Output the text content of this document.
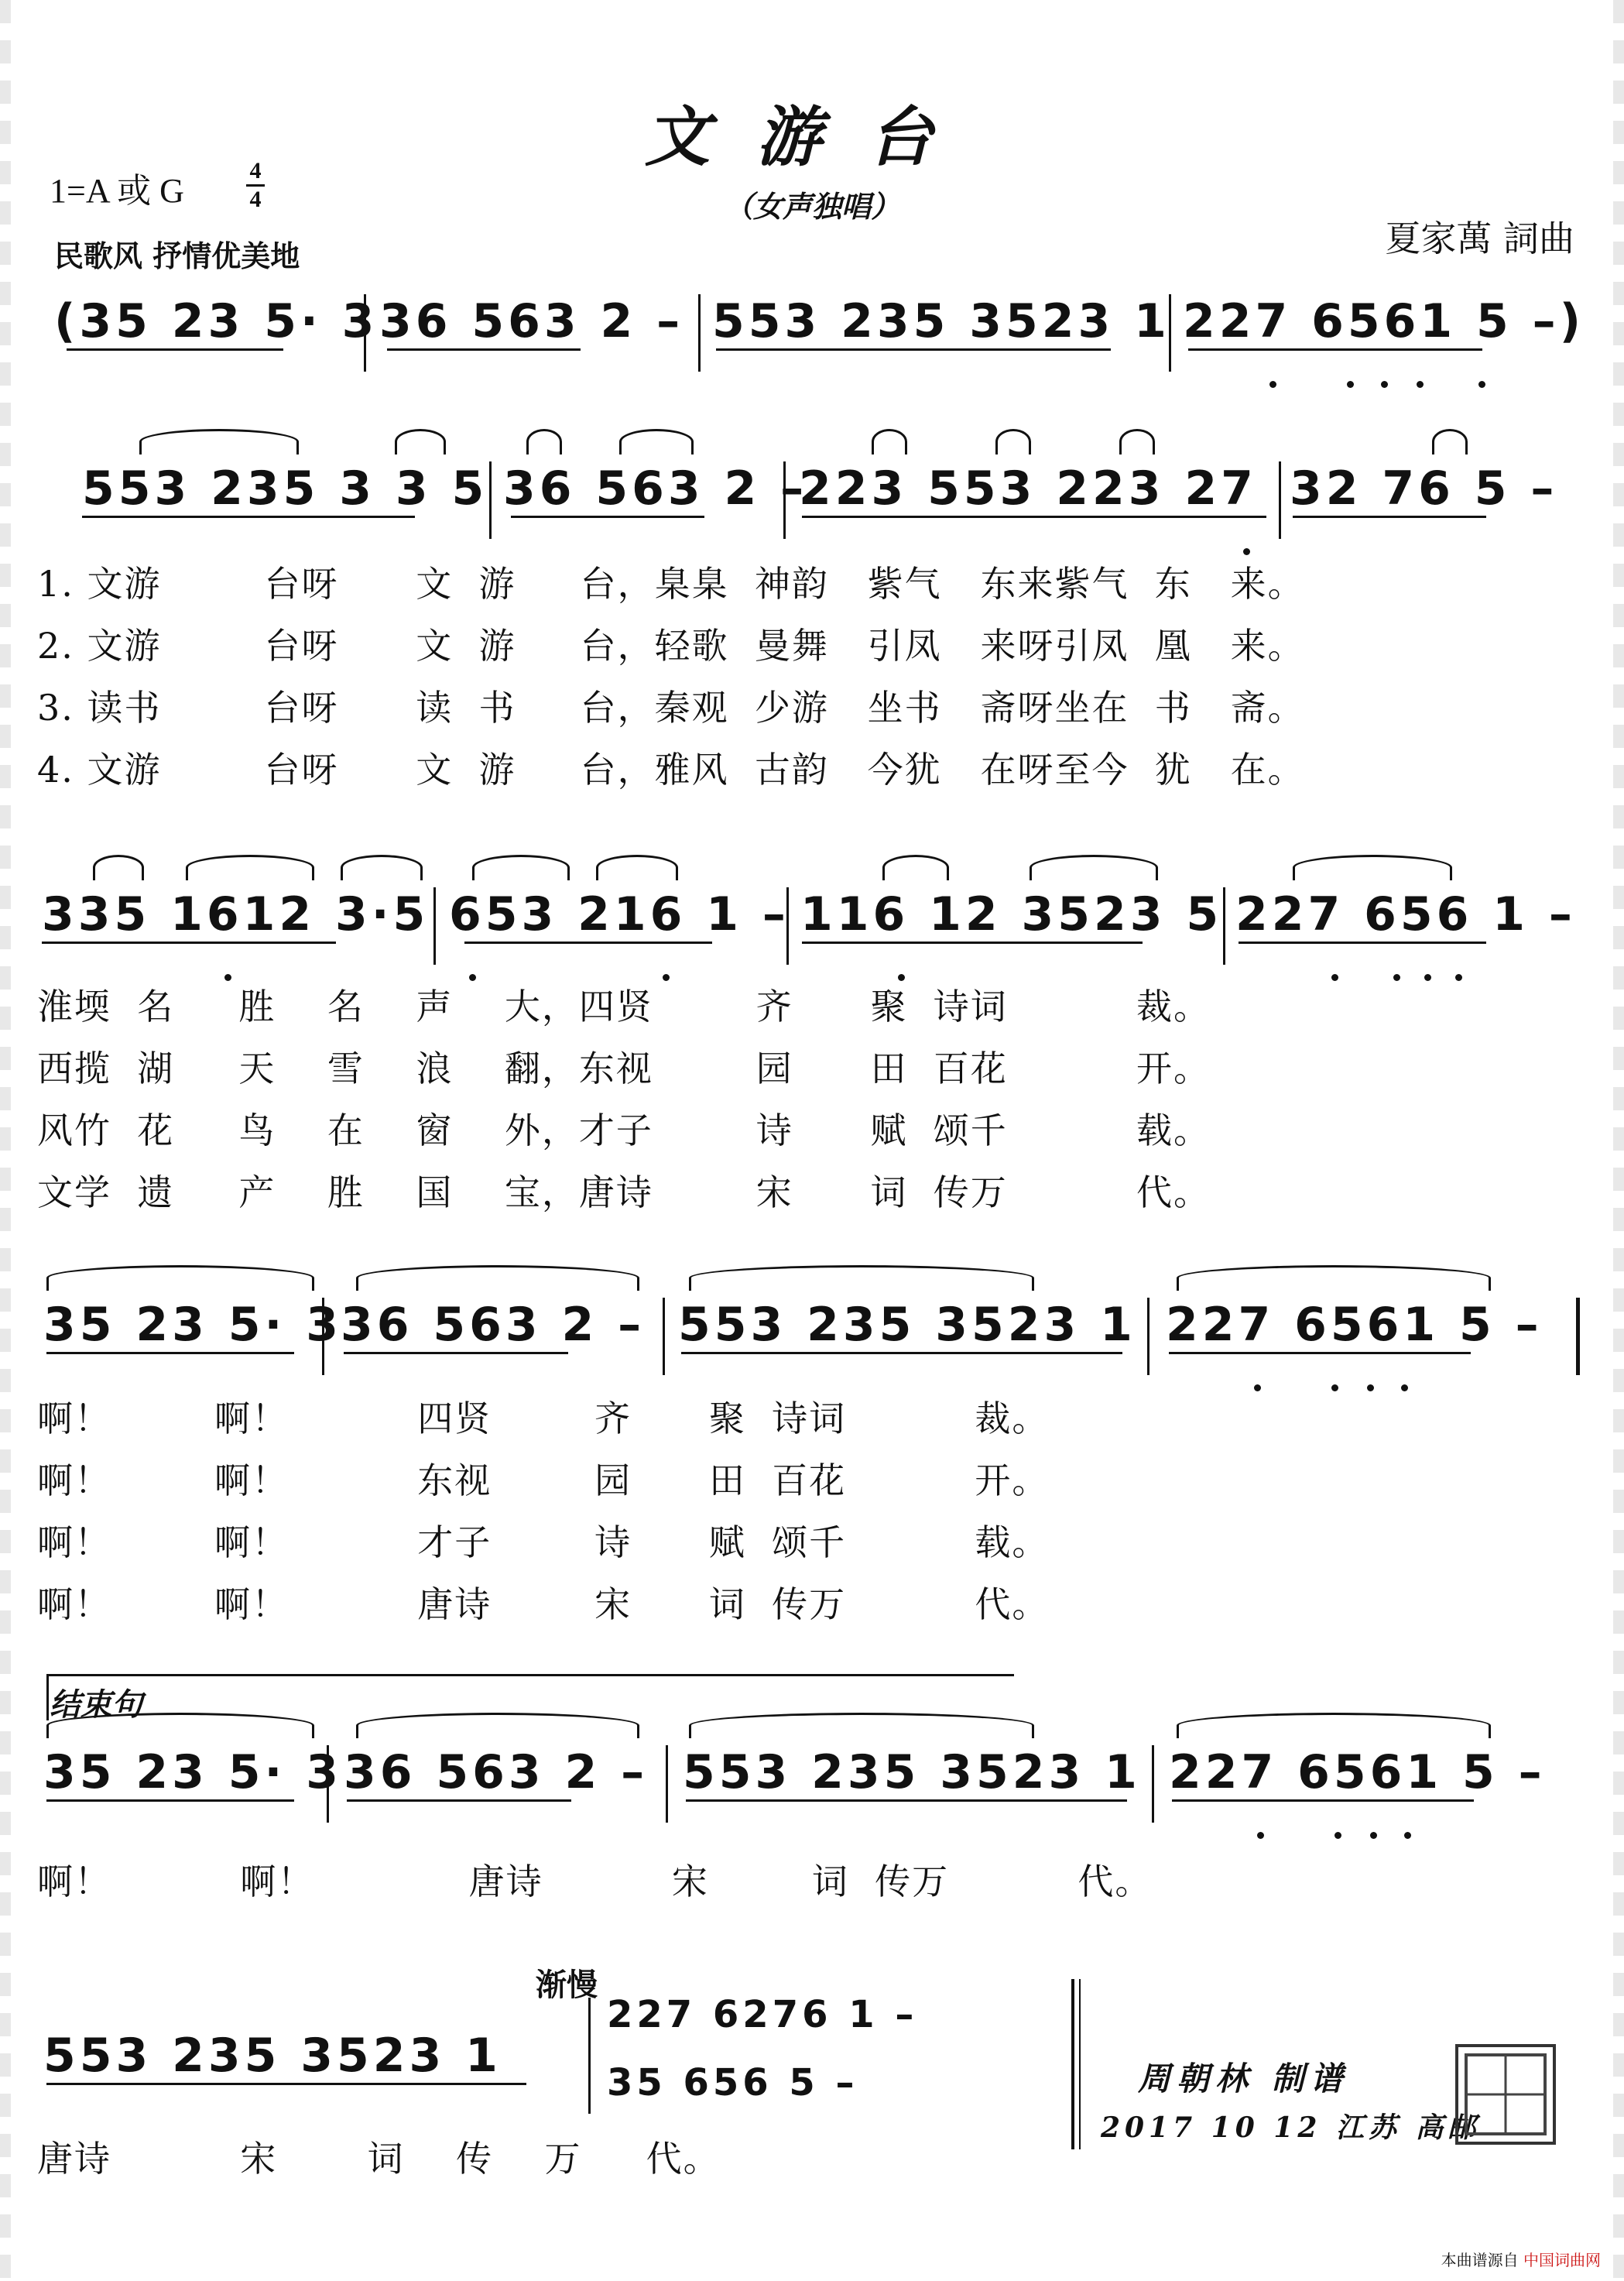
文游台
（女声独唱）
1=A 或 G
4
4
民歌风 抒情优美地	夏家萬 詞曲
(35 23 5· 3 36 563 2 – 553 235 3523 1 227 6561 5 –)
553 235 3 3 5 36 563 2 –
223 553 223 27 32 76 5 –
1. 文游        台呀      文  游     台，臬臬  神韵   紫气   东来紫气  东   来。
2. 文游        台呀      文  游     台，轻歌  曼舞   引凤   来呀引凤  凰   来。
3. 读书        台呀      读  书     台，秦观  少游   坐书   斋呀坐在  书   斋。
4. 文游        台呀      文  游     台，雅风  古韵   今犹   在呀至今  犹   在。
335 1612 3·5 653 216 1 – 116 12 3523 5 227 656 1 –
淮堧  名     胜    名    声    大，四贤        齐      聚  诗词          裁。
西揽  湖     天    雪    浪    翻，东视        园      田  百花          开。
风竹  花     鸟    在    窗    外，才子        诗      赋  颂千          载。
文学  遗     产    胜    国    宝，唐诗        宋      词  传万          代。
35 23 5· 3
36 563 2 – 553 235 3523 1 227 6561 5 –
啊！        啊！          四贤        齐      聚  诗词          裁。
啊！        啊！          东视        园      田  百花          开。
啊！        啊！          才子        诗      赋  颂千          载。
啊！        啊！          唐诗        宋      词  传万          代。
结束句
35 23 5· 3 36 563 2 – 553 235 3523 1 227 6561 5 –
啊！          啊！            唐诗          宋        词  传万          代。
渐慢
553 235 3523 1
227 6276 1 –
35 656 5 –
唐诗          宋       词    传    万     代。
周朝林 制谱
2017 10 12 江苏 高邮
本曲谱源自 中国词曲网
